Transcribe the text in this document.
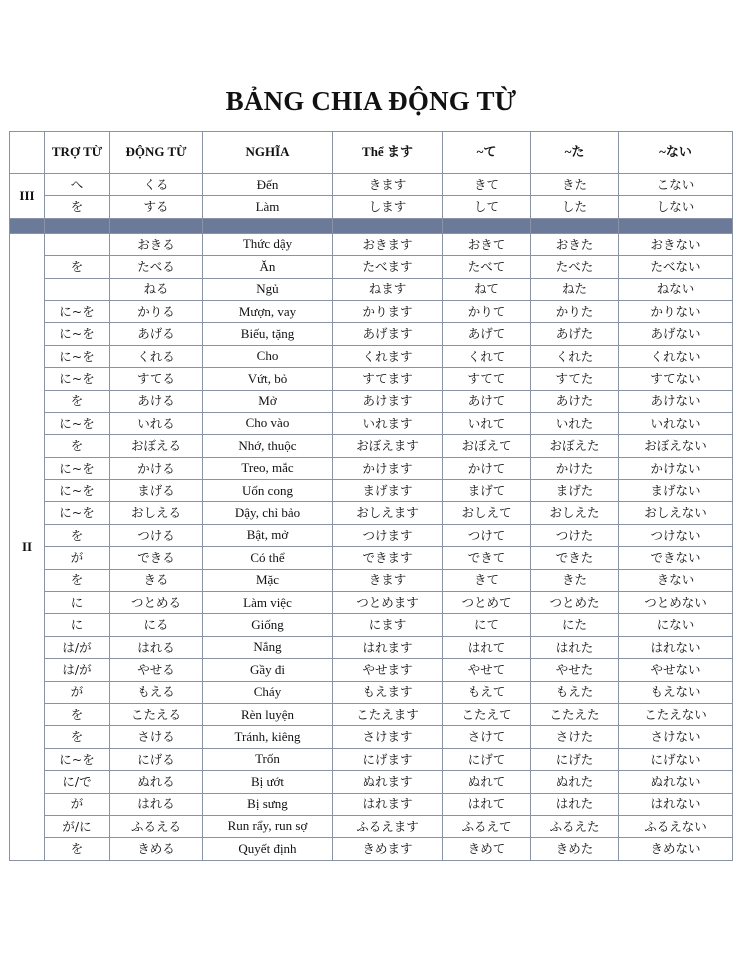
BẢNG CHIA ĐỘNG TỪ
	TRỢ TỪ	ĐỘNG TỪ	NGHĨA	Thể ます	~て	~た	~ない
III	へ	くる	Đến	きます	きて	きた	こない
	を	する	Làm	します	して	した	しない

II		おきる	Thức dậy	おきます	おきて	おきた	おきない
	を	たべる	Ăn	たべます	たべて	たべた	たべない
		ねる	Ngủ	ねます	ねて	ねた	ねない
	に~を	かりる	Mượn, vay	かります	かりて	かりた	かりない
	に~を	あげる	Biếu, tặng	あげます	あげて	あげた	あげない
	に~を	くれる	Cho	くれます	くれて	くれた	くれない
	に~を	すてる	Vứt, bỏ	すてます	すてて	すてた	すてない
	を	あける	Mở	あけます	あけて	あけた	あけない
	に~を	いれる	Cho vào	いれます	いれて	いれた	いれない
	を	おぼえる	Nhớ, thuộc	おぼえます	おぼえて	おぼえた	おぼえない
	に~を	かける	Treo, mắc	かけます	かけて	かけた	かけない
	に~を	まげる	Uốn cong	まげます	まげて	まげた	まげない
	に~を	おしえる	Dậy, chỉ bảo	おしえます	おしえて	おしえた	おしえない
	を	つける	Bật, mở	つけます	つけて	つけた	つけない
	が	できる	Có thể	できます	できて	できた	できない
	を	きる	Mặc	きます	きて	きた	きない
	に	つとめる	Làm việc	つとめます	つとめて	つとめた	つとめない
	に	にる	Giống	にます	にて	にた	にない
	は/が	はれる	Nắng	はれます	はれて	はれた	はれない
	は/が	やせる	Gầy đi	やせます	やせて	やせた	やせない
	が	もえる	Cháy	もえます	もえて	もえた	もえない
	を	こたえる	Rèn luyện	こたえます	こたえて	こたえた	こたえない
	を	さける	Tránh, kiêng	さけます	さけて	さけた	さけない
	に~を	にげる	Trốn	にげます	にげて	にげた	にげない
	に/で	ぬれる	Bị ướt	ぬれます	ぬれて	ぬれた	ぬれない
	が	はれる	Bị sưng	はれます	はれて	はれた	はれない
	が/に	ふるえる	Run rẩy, run sợ	ふるえます	ふるえて	ふるえた	ふるえない
	を	きめる	Quyết định	きめます	きめて	きめた	きめない
